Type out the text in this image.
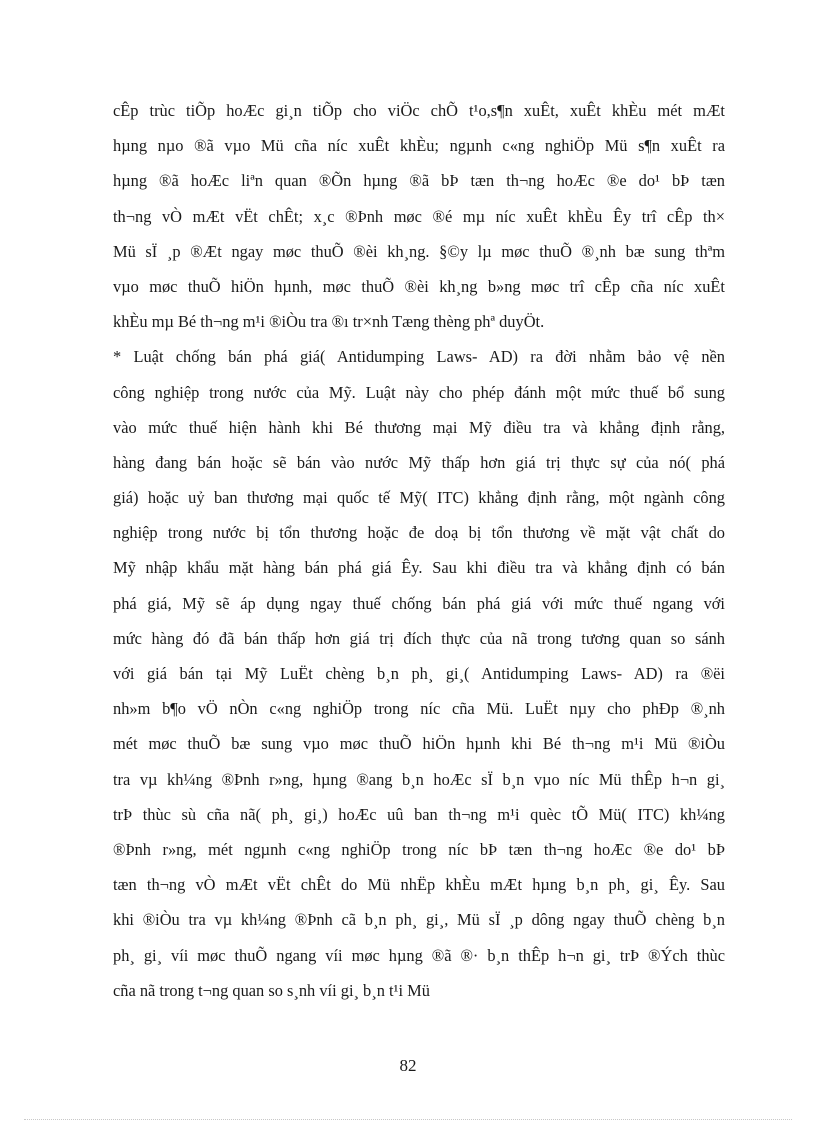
cÊp trùc tiÕp hoÆc gi¸n tiÕp cho viÖc chÕ t¹o,s¶n xuÊt, xuÊt khÈu mét mÆt
hµng nµo ®ã vµo Mü cña níc xuÊt khÈu; ngµnh c«ng nghiÖp Mü s¶n xuÊt ra
hµng ®ã hoÆc liªn quan ®Õn hµng ®ã bÞ tæn th¬ng hoÆc ®e do¹ bÞ tæn
th¬ng vÒ mÆt vËt chÊt; x¸c ®Þnh møc ®é mµ níc xuÊt khÈu Êy trî cÊp th×
Mü sÏ ¸p ®Æt ngay møc thuÕ ®èi kh¸ng. §©y lµ møc thuÕ ®¸nh bæ sung thªm
vµo møc thuÕ hiÖn hµnh, møc thuÕ ®èi kh¸ng b»ng møc trî cÊp cña níc xuÊt
khÈu mµ Bé th¬ng m¹i ®iÒu tra ®ı tr×nh Tæng thèng phª duyÖt.
* Luật chống bán phá giá( Antidumping Laws- AD) ra đời nhằm bảo vệ nền
công nghiệp trong nước của Mỹ. Luật này cho phép đánh một mức thuế bổ sung
vào mức thuế hiện hành khi Bé thương mại Mỹ điều tra và khẳng định rằng,
hàng đang bán hoặc sẽ bán vào nước Mỹ thấp hơn giá trị thực sự của nó( phá
giá) hoặc uỷ ban thương mại quốc tế Mỹ( ITC) khẳng định rằng, một ngành công
nghiệp trong nước bị tổn thương hoặc đe doạ bị tổn thương về mặt vật chất do
Mỹ nhập khẩu mặt hàng bán phá giá Êy. Sau khi điều tra và khẳng định có bán
phá giá, Mỹ sẽ áp dụng ngay thuế chống bán phá giá với mức thuế ngang với
mức hàng đó đã bán thấp hơn giá trị đích thực của nã trong tương quan so sánh
với giá bán tại Mỹ LuËt chèng b¸n ph¸ gi¸( Antidumping Laws- AD) ra ®ëi
nh»m b¶o vÖ nÒn c«ng nghiÖp trong níc cña Mü. LuËt nµy cho phÐp ®¸nh
mét møc thuÕ bæ sung vµo møc thuÕ hiÖn hµnh khi Bé th¬ng m¹i Mü ®iÒu
tra vµ kh¼ng ®Þnh r»ng, hµng ®ang b¸n hoÆc sÏ b¸n vµo níc Mü thÊp h¬n gi¸
trÞ thùc sù cña nã( ph¸ gi¸) hoÆc uû ban th¬ng m¹i quèc tÕ Mü( ITC) kh¼ng
®Þnh r»ng, mét ngµnh c«ng nghiÖp trong níc bÞ tæn th¬ng hoÆc ®e do¹ bÞ
tæn th¬ng vÒ mÆt vËt chÊt do Mü nhËp khÈu mÆt hµng b¸n ph¸ gi¸ Êy. Sau
khi ®iÒu tra vµ kh¼ng ®Þnh cã b¸n ph¸ gi¸, Mü sÏ ¸p dông ngay thuÕ chèng b¸n
ph¸ gi¸ víi møc thuÕ ngang víi møc hµng ®ã ®· b¸n thÊp h¬n gi¸ trÞ ®Ých thùc
cña nã trong t¬ng quan so s¸nh víi gi¸ b¸n t¹i Mü
82
